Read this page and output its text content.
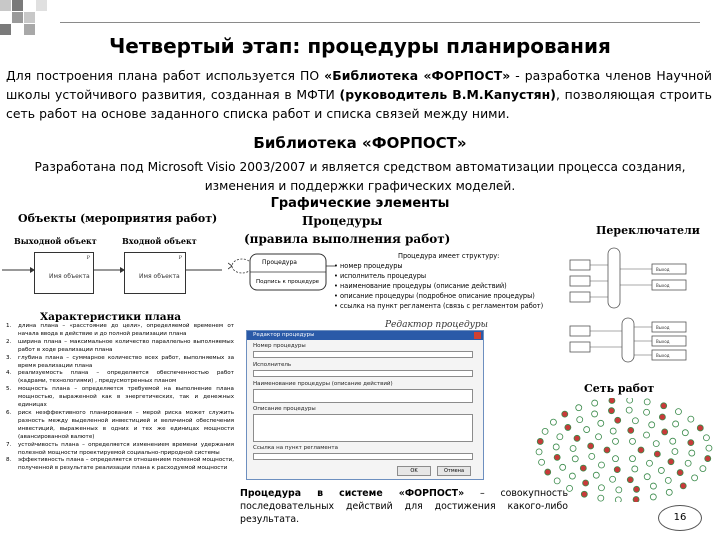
Четвертый этап: процедуры планирования

Для построения плана работ используется ПО «Библиотека «ФОРПОСТ» - разработка членов Научной школы устойчивого развития, созданная в МФТИ (руководитель В.М.Капустян), позволяющая строить сеть работ на основе заданного списка работ и списка связей между ними.

Библиотека «ФОРПОСТ»
Разработана под Microsoft Visio 2003/2007 и является средством автоматизации процесса создания, изменения и поддержки графических моделей.
Графические элементы
Объекты (мероприятия работ)
Выходной объект	Входной объект
P
Имя объекта
P
Имя объекта
Процедуры
(правила выполнения работ)
Процедура
Подпись к процедуре
Процедура имеет структуру:
• номер процедуры
• исполнитель процедуры
• наименование процедуры (описание действий)
• описание процедуры (подробное описание процедуры)
• ссылка на пункт регламента (связь с регламентом работ)
Редактор процедуры
Редактор процедуры
Номер процедуры
Исполнитель
Наименование процедуры (описание действий)
Описание процедуры
Ссылка на пункт регламента
OK	Отмена
Характеристики плана
1.	длина плана – «расстояние до цели», определяемой временем от начала ввода в действие и до полной реализации плана
2.	ширина плана – максимальное количество параллельно выполняемых работ в ходе реализации плана
3.	глубина плана – суммарное количество всех работ, выполняемых за время реализации плана
4.	реализуемость плана – определяется обеспеченностью работ (кадрами, технологиями) , предусмотренных планом
5.	мощность плана – определяется требуемой на выполнение плана мощностью, выраженной как в энергетических, так и денежных единицах
6.	риск неэффективного планирования – мерой риска может служить разность между выделенной инвестицией и величиной обеспечения инвестиций, выраженных в одних и тех же единицах мощности (авансированной валюте)
7.	устойчивость плана – определяется изменением времени удержания полезной мощности проектируемой социально-природной системы
8.	эффективность плана – определяется отношением полезной мощности, полученной в результате реализации плана к расходуемой мощности
Переключатели
Выход
Выход
Выход
Выход
Выход
Сеть работ
Процедура в системе «ФОРПОСТ» – совокупность последовательных действий для достижения какого-либо результата.	16
